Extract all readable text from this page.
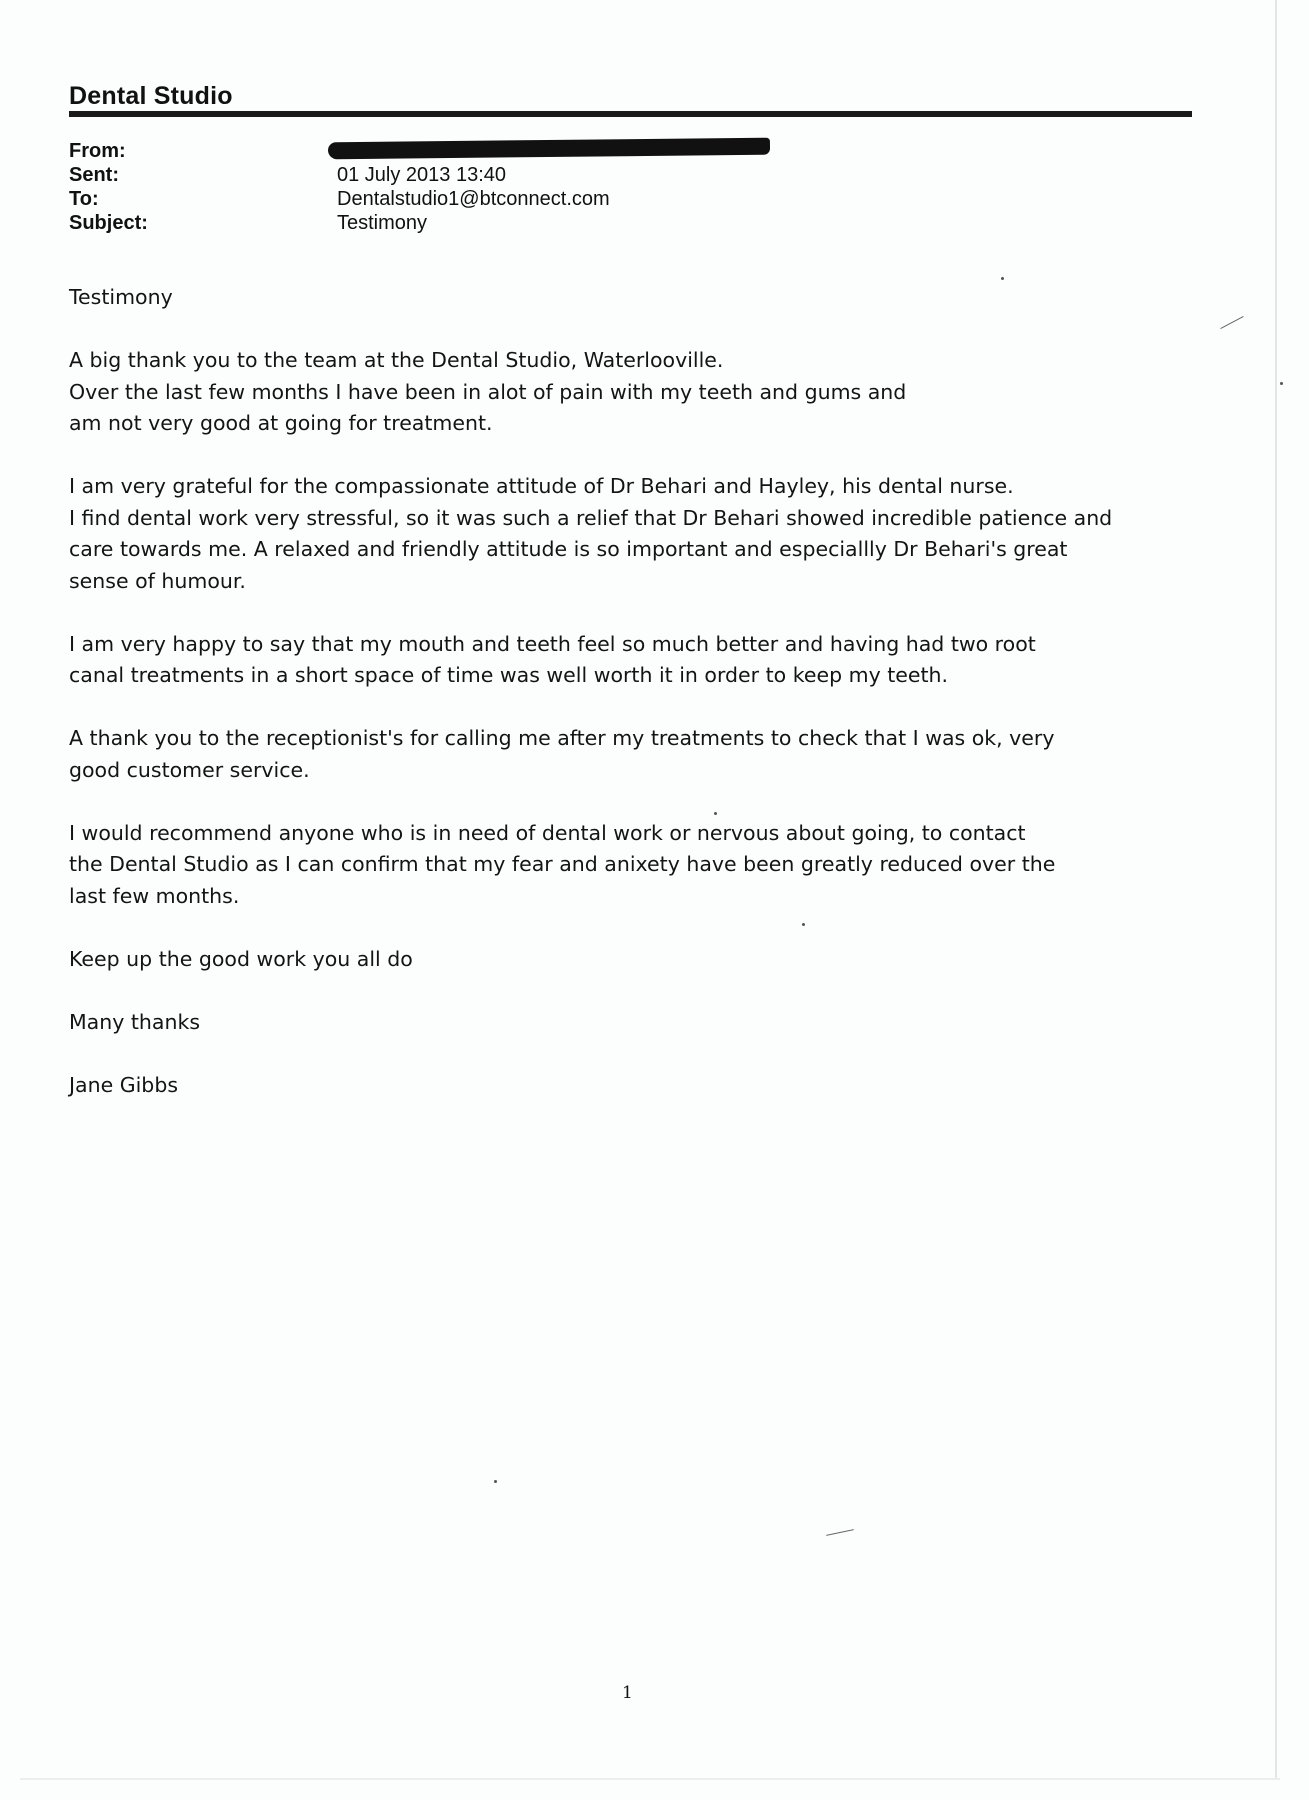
Dental Studio
From:
Sent:	01 July 2013 13:40
To:	Dentalstudio1@btconnect.com
Subject:	Testimony

Testimony

A big thank you to the team at the Dental Studio, Waterlooville.
Over the last few months I have been in alot of pain with my teeth and gums and
am not very good at going for treatment.

I am very grateful for the compassionate attitude of Dr Behari and Hayley, his dental nurse.
I find dental work very stressful, so it was such a relief that Dr Behari showed incredible patience and
care towards me. A relaxed and friendly attitude is so important and especiallly Dr Behari's great
sense of humour.

I am very happy to say that my mouth and teeth feel so much better and having had two root
canal treatments in a short space of time was well worth it in order to keep my teeth.

A thank you to the receptionist's for calling me after my treatments to check that I was ok, very
good customer service.

I would recommend anyone who is in need of dental work or nervous about going, to contact
the Dental Studio as I can confirm that my fear and anixety have been greatly reduced over the
last few months.

Keep up the good work you all do

Many thanks

Jane Gibbs

1
